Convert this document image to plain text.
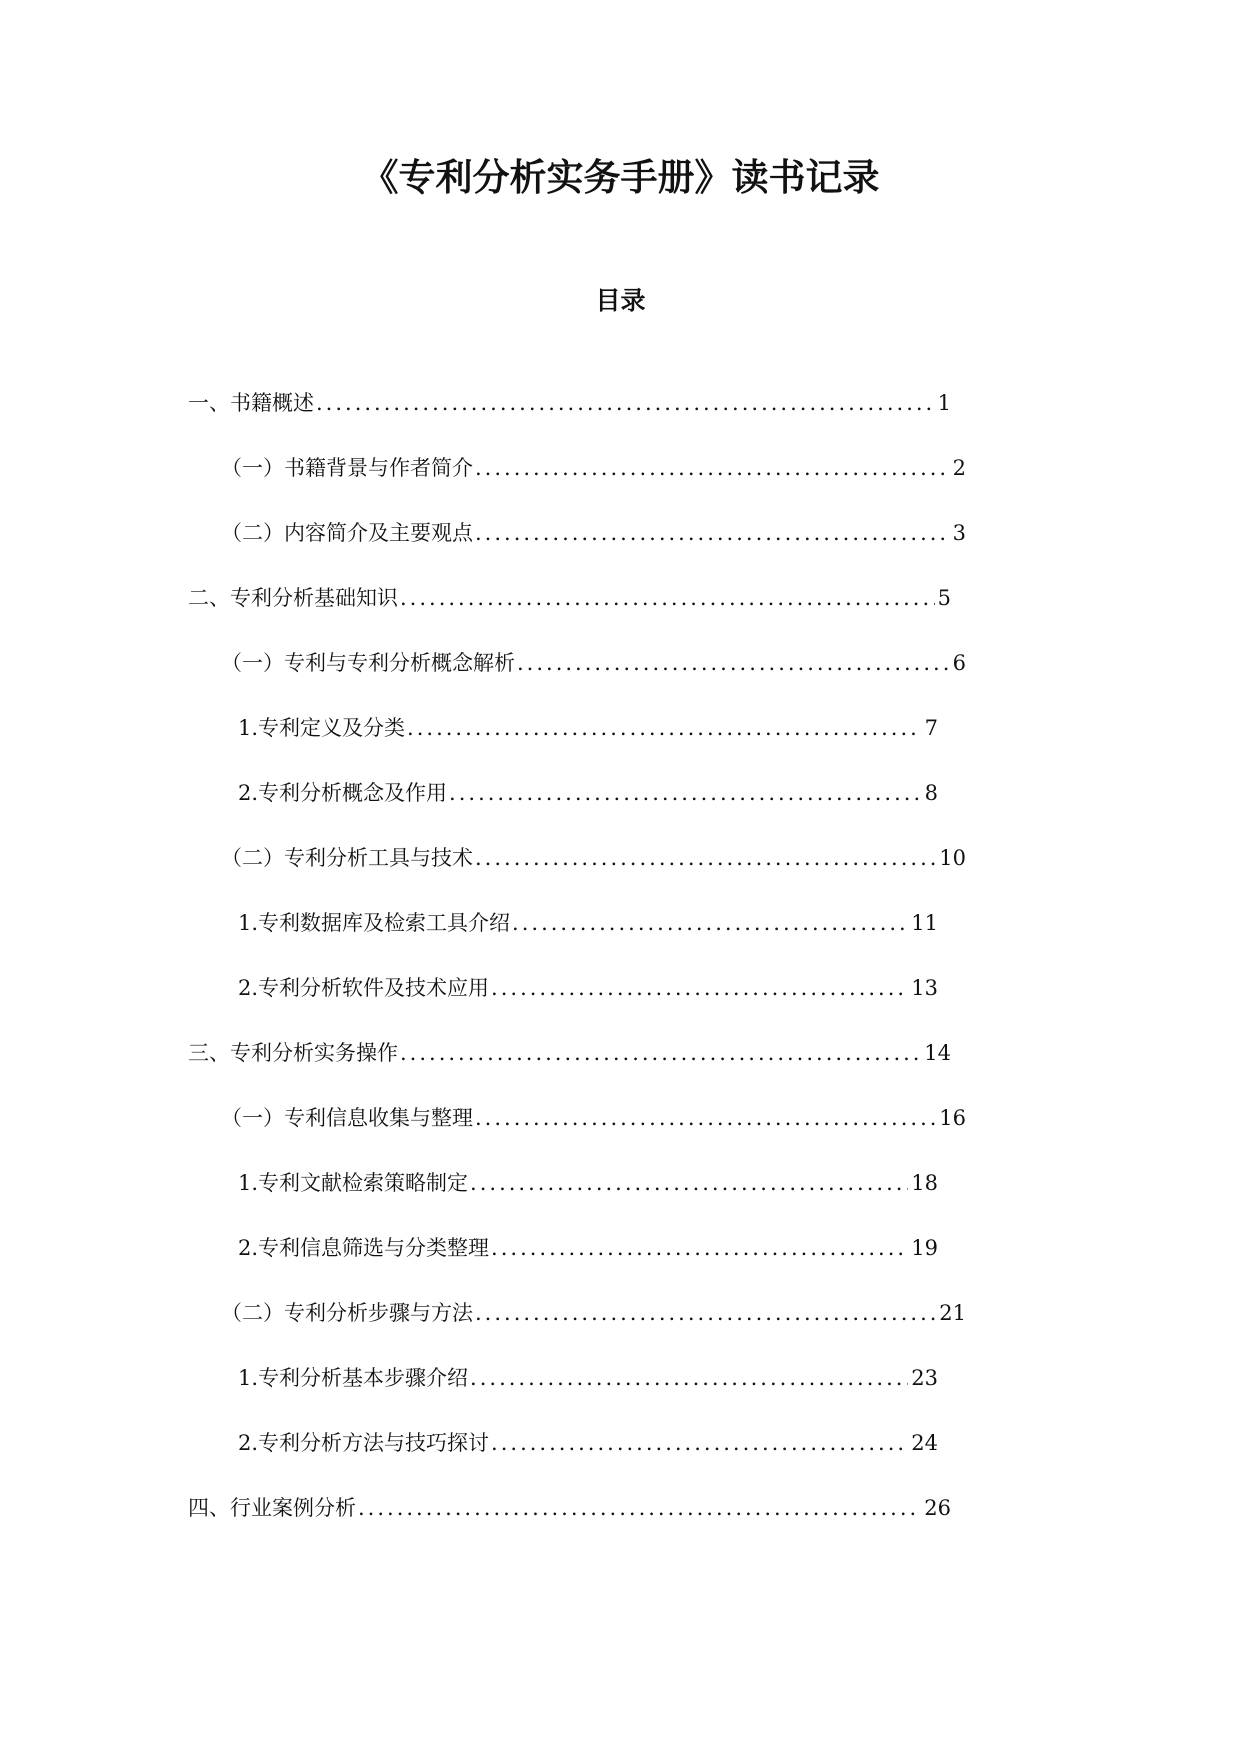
《专利分析实务手册》读书记录
目录
一、书籍概述 .....	1
（一）书籍背景与作者简介 .....	2
（二）内容简介及主要观点 .....	3
二、专利分析基础知识 .....	5
（一）专利与专利分析概念解析 .....	6
1. 专利定义及分类 .....	7
2. 专利分析概念及作用 .....	8
（二）专利分析工具与技术 .....	10
1. 专利数据库及检索工具介绍 .....	11
2. 专利分析软件及技术应用 .....	13
三、专利分析实务操作 .....	14
（一）专利信息收集与整理 .....	16
1. 专利文献检索策略制定 .....	18
2. 专利信息筛选与分类整理 .....	19
（二）专利分析步骤与方法 .....	21
1. 专利分析基本步骤介绍 .....	23
2. 专利分析方法与技巧探讨 .....	24
四、行业案例分析 .....	26
